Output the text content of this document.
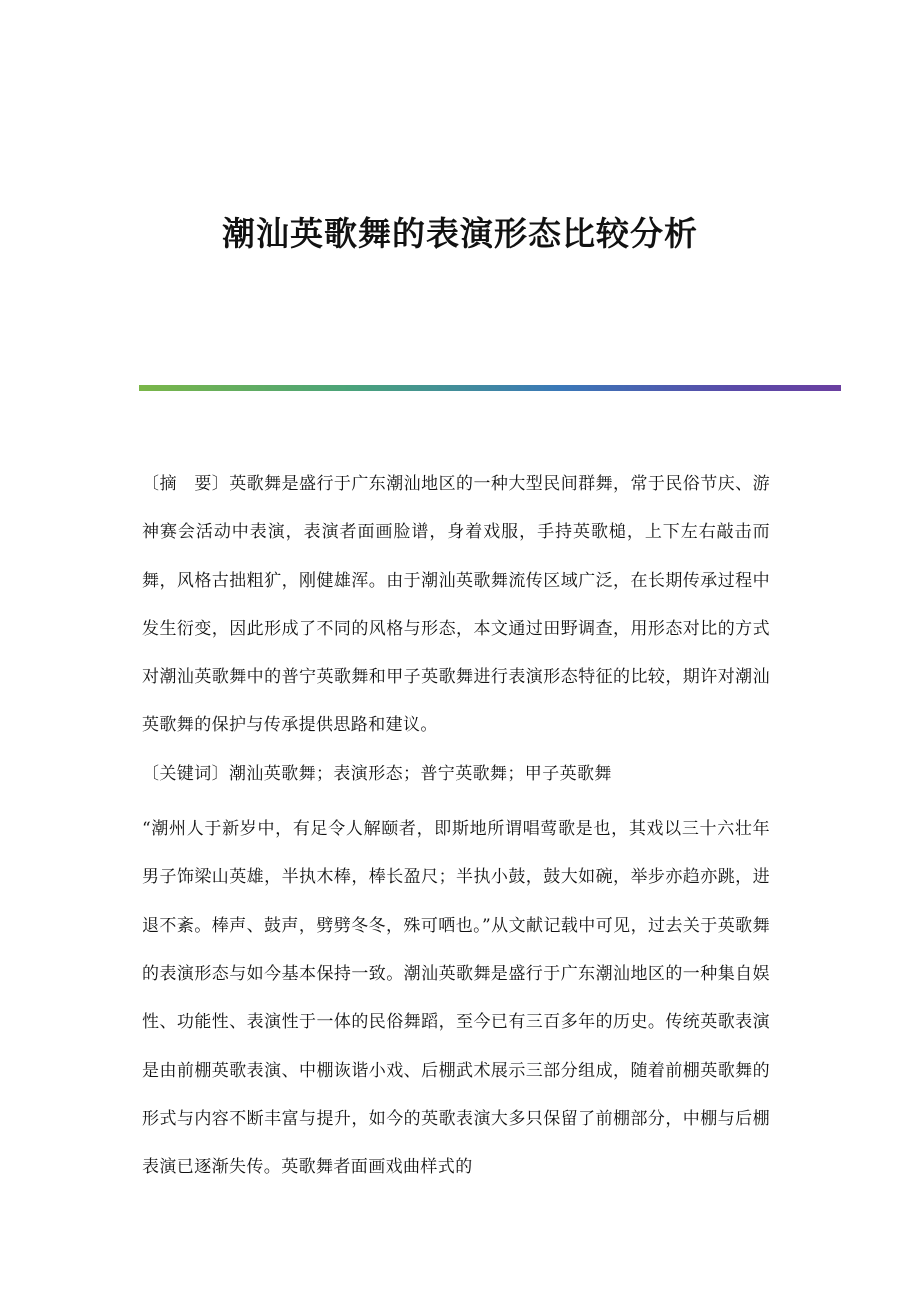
潮汕英歌舞的表演形态比较分析

〔摘　要〕英歌舞是盛行于广东潮汕地区的一种大型民间群舞，常于民俗节庆、游神赛会活动中表演，表演者面画脸谱，身着戏服，手持英歌槌，上下左右敲击而舞，风格古拙粗犷，刚健雄浑。由于潮汕英歌舞流传区域广泛，在长期传承过程中发生衍变，因此形成了不同的风格与形态，本文通过田野调查，用形态对比的方式对潮汕英歌舞中的普宁英歌舞和甲子英歌舞进行表演形态特征的比较，期许对潮汕英歌舞的保护与传承提供思路和建议。

〔关键词〕潮汕英歌舞；表演形态；普宁英歌舞；甲子英歌舞

“潮州人于新岁中，有足令人解颐者，即斯地所谓唱莺歌是也，其戏以三十六壮年男子饰梁山英雄，半执木棒，棒长盈尺；半执小鼓，鼓大如碗，举步亦趋亦跳，进退不紊。棒声、鼓声，劈劈冬冬，殊可哂也。”从文献记载中可见，过去关于英歌舞的表演形态与如今基本保持一致。潮汕英歌舞是盛行于广东潮汕地区的一种集自娱性、功能性、表演性于一体的民俗舞蹈，至今已有三百多年的历史。传统英歌表演是由前棚英歌表演、中棚诙谐小戏、后棚武术展示三部分组成，随着前棚英歌舞的形式与内容不断丰富与提升，如今的英歌表演大多只保留了前棚部分，中棚与后棚表演已逐渐失传。英歌舞者面画戏曲样式的
